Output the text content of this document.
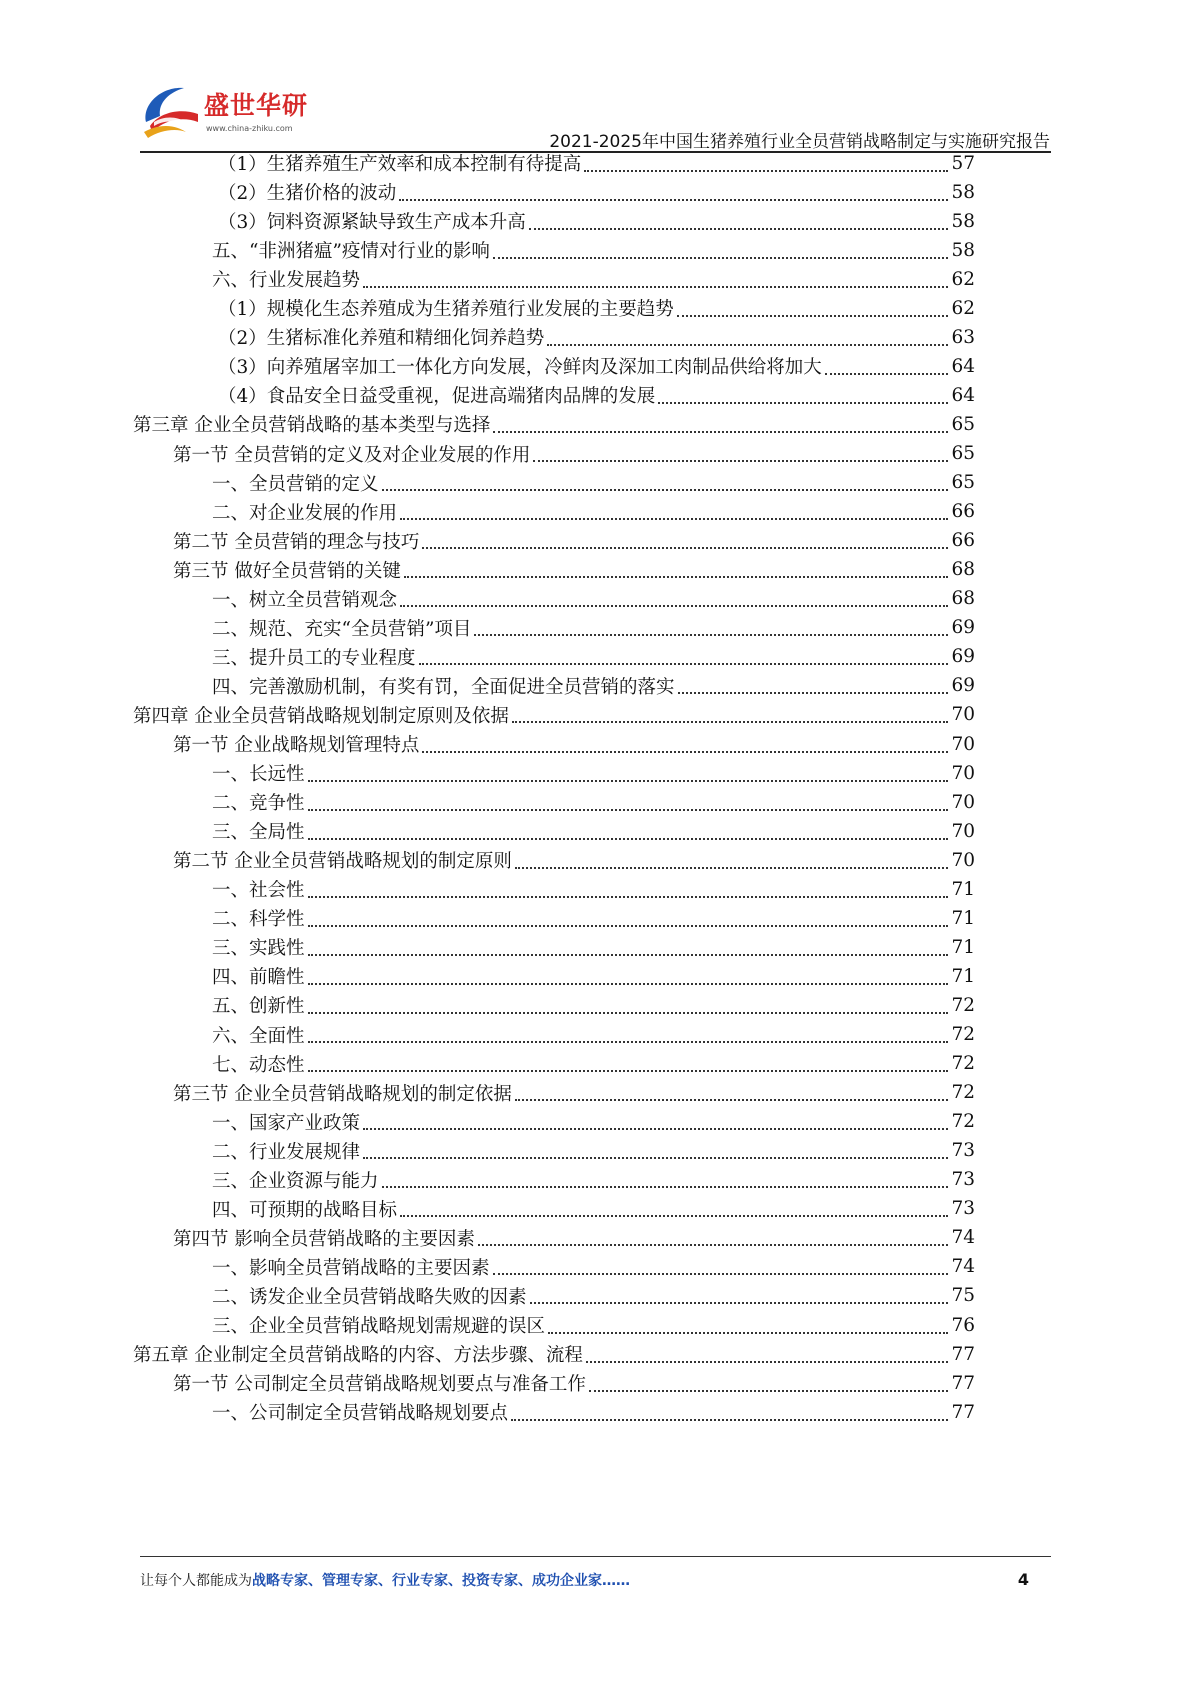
盛世华研
www.china-zhiku.com
2021-2025年中国生猪养殖行业全员营销战略制定与实施研究报告
（1）生猪养殖生产效率和成本控制有待提高	57
（2）生猪价格的波动	58
（3）饲料资源紧缺导致生产成本升高	58
五、“非洲猪瘟”疫情对行业的影响	58
六、行业发展趋势	62
（1）规模化生态养殖成为生猪养殖行业发展的主要趋势	62
（2）生猪标准化养殖和精细化饲养趋势	63
（3）向养殖屠宰加工一体化方向发展，冷鲜肉及深加工肉制品供给将加大	64
（4）食品安全日益受重视，促进高端猪肉品牌的发展	64
第三章 企业全员营销战略的基本类型与选择	65
第一节 全员营销的定义及对企业发展的作用	65
一、全员营销的定义	65
二、对企业发展的作用	66
第二节 全员营销的理念与技巧	66
第三节 做好全员营销的关键	68
一、树立全员营销观念	68
二、规范、充实“全员营销”项目	69
三、提升员工的专业程度	69
四、完善激励机制，有奖有罚，全面促进全员营销的落实	69
第四章 企业全员营销战略规划制定原则及依据	70
第一节 企业战略规划管理特点	70
一、长远性	70
二、竞争性	70
三、全局性	70
第二节 企业全员营销战略规划的制定原则	70
一、社会性	71
二、科学性	71
三、实践性	71
四、前瞻性	71
五、创新性	72
六、全面性	72
七、动态性	72
第三节 企业全员营销战略规划的制定依据	72
一、国家产业政策	72
二、行业发展规律	73
三、企业资源与能力	73
四、可预期的战略目标	73
第四节 影响全员营销战略的主要因素	74
一、影响全员营销战略的主要因素	74
二、诱发企业全员营销战略失败的因素	75
三、企业全员营销战略规划需规避的误区	76
第五章 企业制定全员营销战略的内容、方法步骤、流程	77
第一节 公司制定全员营销战略规划要点与准备工作	77
一、公司制定全员营销战略规划要点	77
让每个人都能成为战略专家、管理专家、行业专家、投资专家、成功企业家……	4
